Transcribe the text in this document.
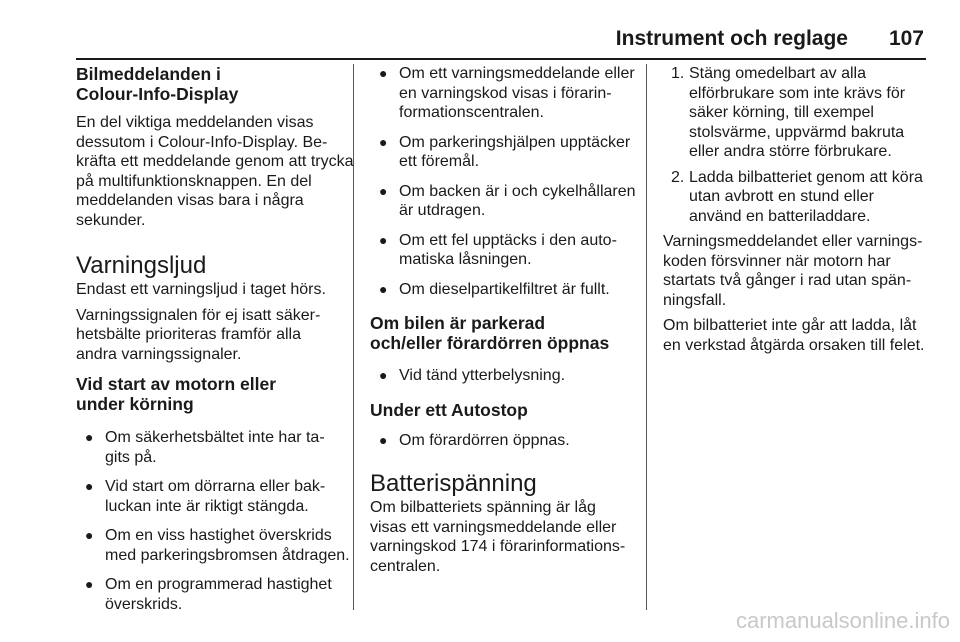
Instrument och reglage 107
Bilmeddelanden i Colour-Info-Display

En del viktiga meddelanden visas dessutom i Colour-Info-Display. Bekräfta ett meddelande genom att trycka på multifunktionsknappen. En del meddelanden visas bara i några sekunder.

Varningsljud

Endast ett varningsljud i taget hörs.

Varningssignalen för ej isatt säkerhetsbälte prioriteras framför alla andra varningssignaler.

Vid start av motorn eller under körning
● Om säkerhetsbältet inte har tagits på.
● Vid start om dörrarna eller bakluckan inte är riktigt stängda.
● Om en viss hastighet överskrids med parkeringsbromsen åtdragen.
● Om en programmerad hastighet överskrids.
● Om ett varningsmeddelande eller en varningskod visas i förarinformationscentralen.
● Om parkeringshjälpen upptäcker ett föremål.
● Om backen är i och cykelhållaren är utdragen.
● Om ett fel upptäcks i den automatiska låsningen.
● Om dieselpartikelfiltret är fullt.
Om bilen är parkerad och/eller förardörren öppnas
● Vid tänd ytterbelysning.
Under ett Autostop
● Om förardörren öppnas.
Batterispänning

Om bilbatteriets spänning är låg visas ett varningsmeddelande eller varningskod 174 i förarinformationscentralen.

1. Stäng omedelbart av alla elförbrukare som inte krävs för säker körning, till exempel stolsvärme, uppvärmd bakruta eller andra större förbrukare.
2. Ladda bilbatteriet genom att köra utan avbrott en stund eller använd en batteriladdare.

Varningsmeddelandet eller varningskoden försvinner när motorn har startats två gånger i rad utan spänningsfall.

Om bilbatteriet inte går att ladda, låt en verkstad åtgärda orsaken till felet.

carmanualsonline.info
